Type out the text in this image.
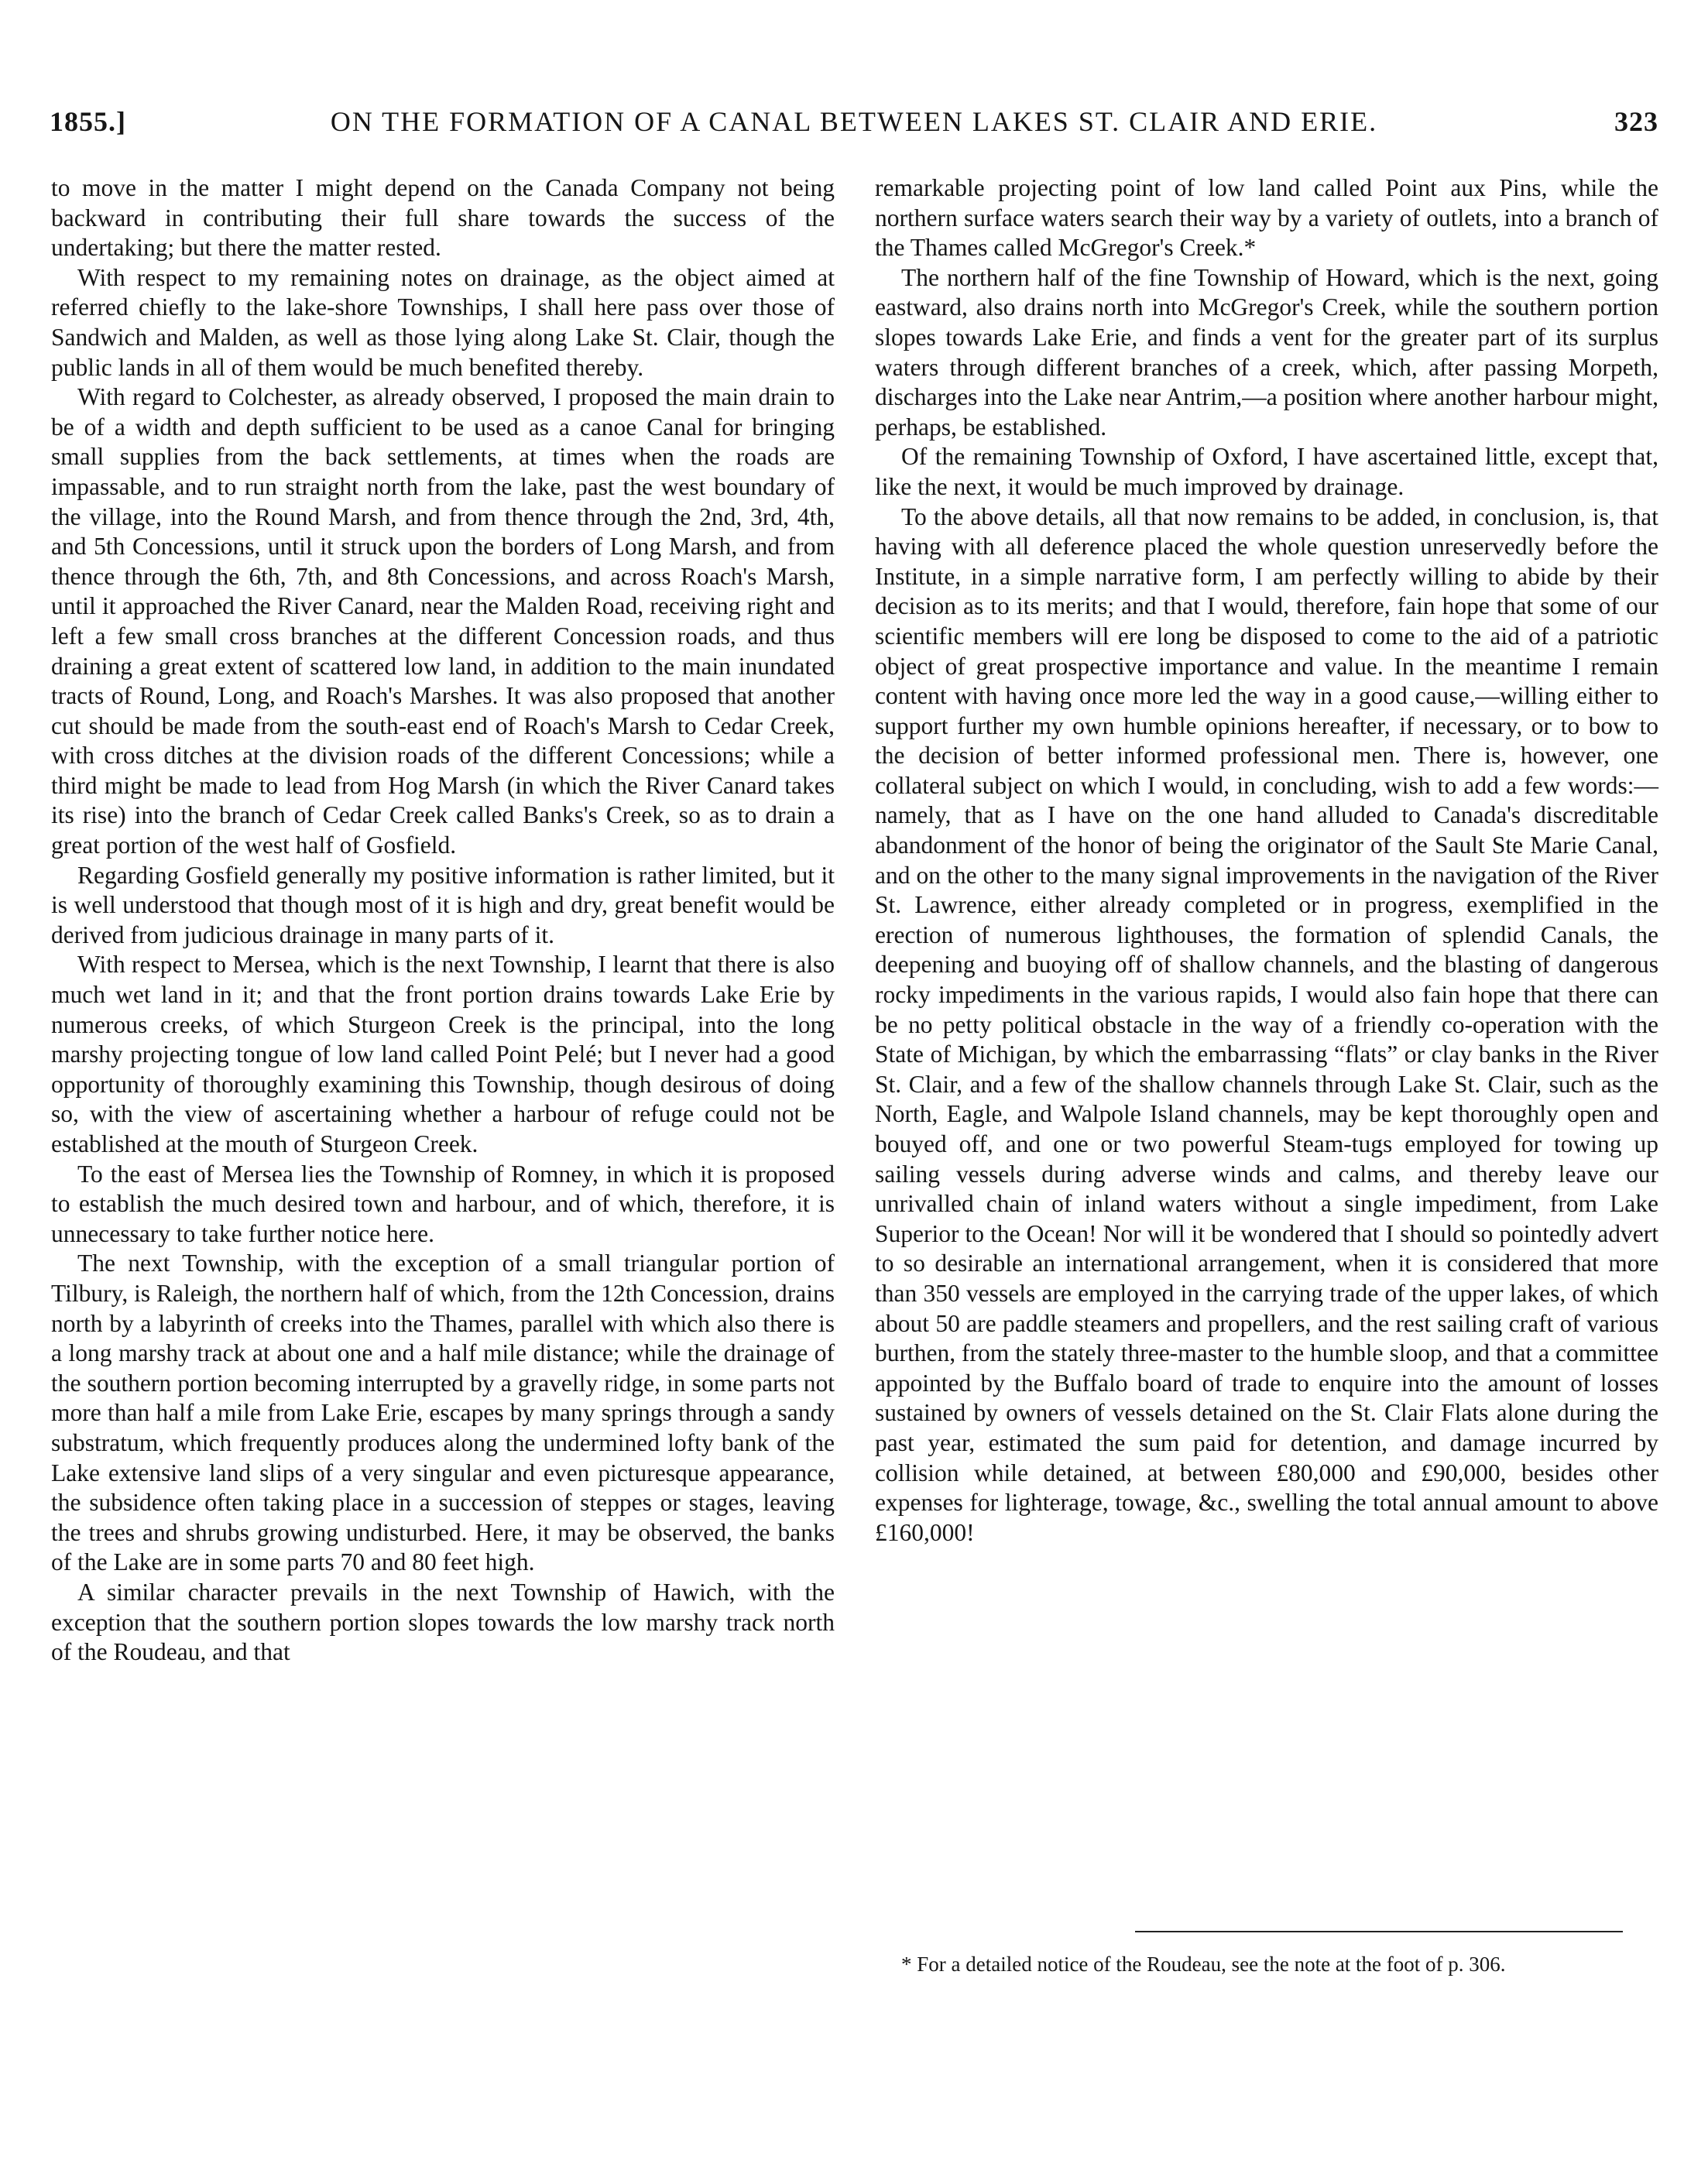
1855.]	ON THE FORMATION OF A CANAL BETWEEN LAKES ST. CLAIR AND ERIE.	323

to move in the matter I might depend on the Canada Company not being backward in contributing their full share towards the success of the undertaking; but there the matter rested.

With respect to my remaining notes on drainage, as the object aimed at referred chiefly to the lake-shore Townships, I shall here pass over those of Sandwich and Malden, as well as those lying along Lake St. Clair, though the public lands in all of them would be much benefited thereby.

With regard to Colchester, as already observed, I proposed the main drain to be of a width and depth sufficient to be used as a canoe Canal for bringing small supplies from the back settlements, at times when the roads are impassable, and to run straight north from the lake, past the west boundary of the village, into the Round Marsh, and from thence through the 2nd, 3rd, 4th, and 5th Concessions, until it struck upon the borders of Long Marsh, and from thence through the 6th, 7th, and 8th Concessions, and across Roach's Marsh, until it approached the River Canard, near the Malden Road, receiving right and left a few small cross branches at the different Concession roads, and thus draining a great extent of scattered low land, in addition to the main inundated tracts of Round, Long, and Roach's Marshes. It was also proposed that another cut should be made from the south-east end of Roach's Marsh to Cedar Creek, with cross ditches at the division roads of the different Concessions; while a third might be made to lead from Hog Marsh (in which the River Canard takes its rise) into the branch of Cedar Creek called Banks's Creek, so as to drain a great portion of the west half of Gosfield.

Regarding Gosfield generally my positive information is rather limited, but it is well understood that though most of it is high and dry, great benefit would be derived from judicious drainage in many parts of it.

With respect to Mersea, which is the next Township, I learnt that there is also much wet land in it; and that the front portion drains towards Lake Erie by numerous creeks, of which Sturgeon Creek is the principal, into the long marshy projecting tongue of low land called Point Pelé; but I never had a good opportunity of thoroughly examining this Township, though desirous of doing so, with the view of ascertaining whether a harbour of refuge could not be established at the mouth of Sturgeon Creek.

To the east of Mersea lies the Township of Romney, in which it is proposed to establish the much desired town and harbour, and of which, therefore, it is unnecessary to take further notice here.

The next Township, with the exception of a small triangular portion of Tilbury, is Raleigh, the northern half of which, from the 12th Concession, drains north by a labyrinth of creeks into the Thames, parallel with which also there is a long marshy track at about one and a half mile distance; while the drainage of the southern portion becoming interrupted by a gravelly ridge, in some parts not more than half a mile from Lake Erie, escapes by many springs through a sandy substratum, which frequently produces along the undermined lofty bank of the Lake extensive land slips of a very singular and even picturesque appearance, the subsidence often taking place in a succession of steppes or stages, leaving the trees and shrubs growing undisturbed. Here, it may be observed, the banks of the Lake are in some parts 70 and 80 feet high.

A similar character prevails in the next Township of Hawich, with the exception that the southern portion slopes towards the low marshy track north of the Roudeau, and that

remarkable projecting point of low land called Point aux Pins, while the northern surface waters search their way by a variety of outlets, into a branch of the Thames called McGregor's Creek.*

The northern half of the fine Township of Howard, which is the next, going eastward, also drains north into McGregor's Creek, while the southern portion slopes towards Lake Erie, and finds a vent for the greater part of its surplus waters through different branches of a creek, which, after passing Morpeth, discharges into the Lake near Antrim,—a position where another harbour might, perhaps, be established.

Of the remaining Township of Oxford, I have ascertained little, except that, like the next, it would be much improved by drainage.

To the above details, all that now remains to be added, in conclusion, is, that having with all deference placed the whole question unreservedly before the Institute, in a simple narrative form, I am perfectly willing to abide by their decision as to its merits; and that I would, therefore, fain hope that some of our scientific members will ere long be disposed to come to the aid of a patriotic object of great prospective importance and value. In the meantime I remain content with having once more led the way in a good cause,—willing either to support further my own humble opinions hereafter, if necessary, or to bow to the decision of better informed professional men. There is, however, one collateral subject on which I would, in concluding, wish to add a few words:—namely, that as I have on the one hand alluded to Canada's discreditable abandonment of the honor of being the originator of the Sault Ste Marie Canal, and on the other to the many signal improvements in the navigation of the River St. Lawrence, either already completed or in progress, exemplified in the erection of numerous lighthouses, the formation of splendid Canals, the deepening and buoying off of shallow channels, and the blasting of dangerous rocky impediments in the various rapids, I would also fain hope that there can be no petty political obstacle in the way of a friendly co-operation with the State of Michigan, by which the embarrassing “flats” or clay banks in the River St. Clair, and a few of the shallow channels through Lake St. Clair, such as the North, Eagle, and Walpole Island channels, may be kept thoroughly open and bouyed off, and one or two powerful Steam-tugs employed for towing up sailing vessels during adverse winds and calms, and thereby leave our unrivalled chain of inland waters without a single impediment, from Lake Superior to the Ocean! Nor will it be wondered that I should so pointedly advert to so desirable an international arrangement, when it is considered that more than 350 vessels are employed in the carrying trade of the upper lakes, of which about 50 are paddle steamers and propellers, and the rest sailing craft of various burthen, from the stately three-master to the humble sloop, and that a committee appointed by the Buffalo board of trade to enquire into the amount of losses sustained by owners of vessels detained on the St. Clair Flats alone during the past year, estimated the sum paid for detention, and damage incurred by collision while detained, at between £80,000 and £90,000, besides other expenses for lighterage, towage, &c., swelling the total annual amount to above £160,000!

* For a detailed notice of the Roudeau, see the note at the foot of p. 306.
